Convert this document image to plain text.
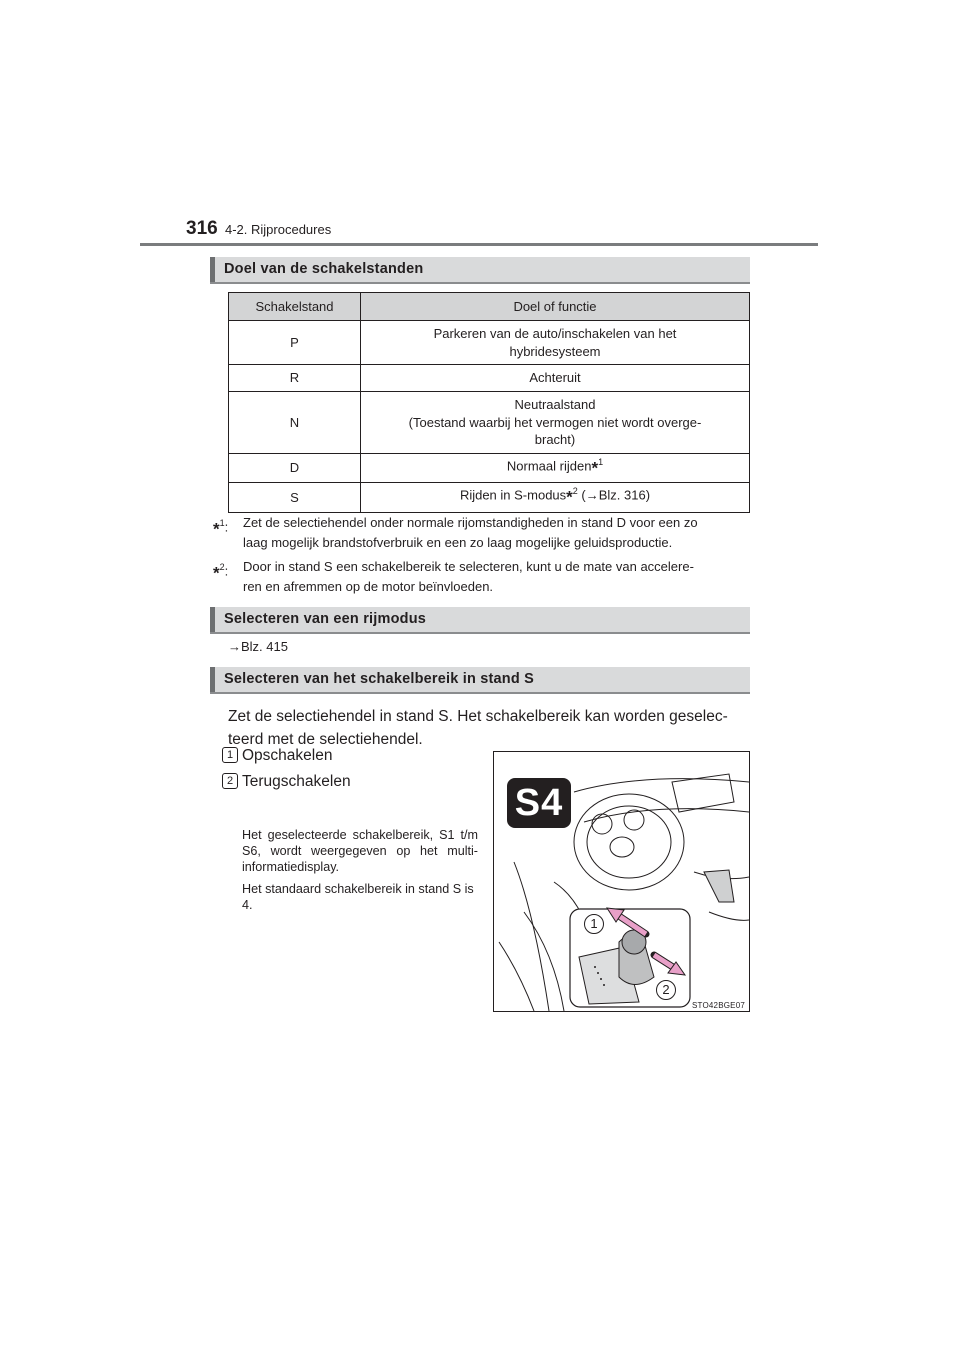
316 4-2. Rijprocedures
Doel van de schakelstanden
Schakelstand	Doel of functie
P	Parkeren van de auto/inschakelen van het
hybridesysteem
R	Achteruit
N	Neutraalstand
(Toestand waarbij het vermogen niet wordt overge-
bracht)
D	Normaal rijden*$^1$
S	Rijden in S-modus*$^2$ (→Blz. 316)
*$^1$:	Zet de selectiehendel onder normale rijomstandigheden in stand D voor een zo
laag mogelijk brandstofverbruik en een zo laag mogelijke geluidsproductie.
*$^2$:	Door in stand S een schakelbereik te selecteren, kunt u de mate van accelere-
ren en afremmen op de motor beïnvloeden.
Selecteren van een rijmodus
→Blz. 415
Selecteren van het schakelbereik in stand S
Zet de selectiehendel in stand S. Het schakelbereik kan worden geselec-
teerd met de selectiehendel.
1 Opschakelen
2 Terugschakelen
Het geselecteerde schakelbereik, S1 t/m S6, wordt weergegeven op het multi-informatiedisplay.
Het standaard schakelbereik in stand S is 4.
S4
1
2
STO42BGE07
